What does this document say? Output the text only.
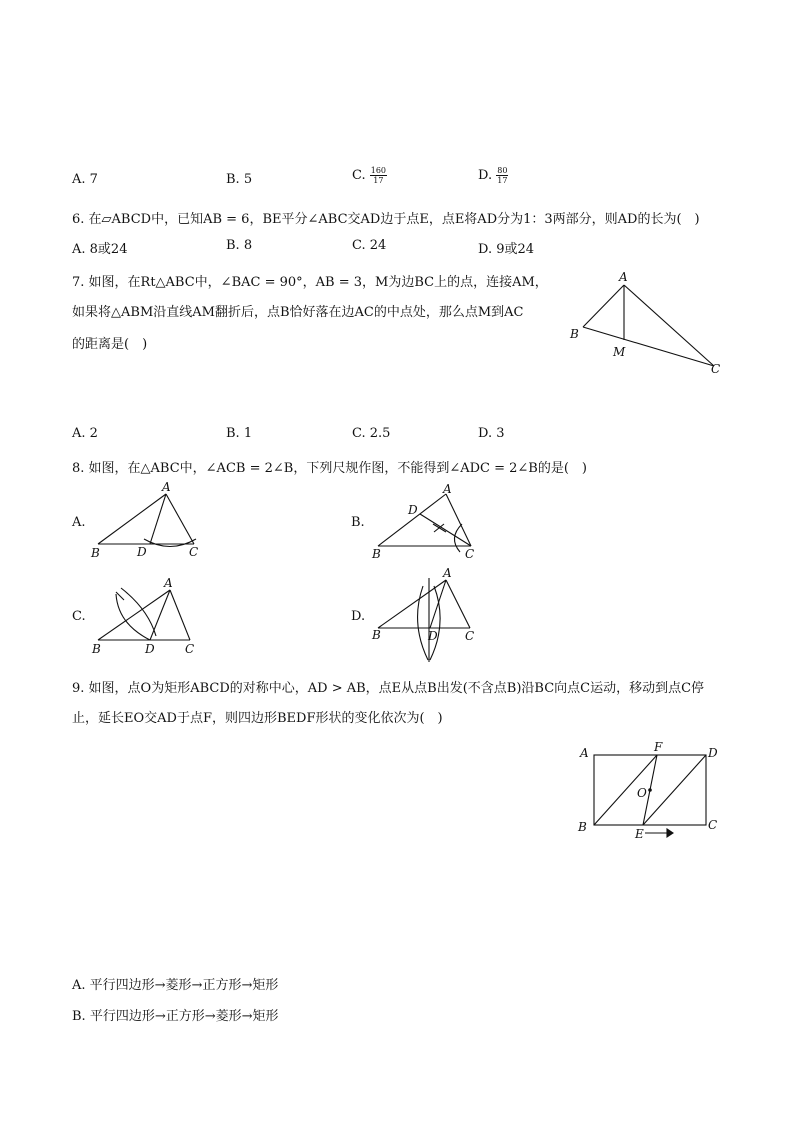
A. 7	B. 5	C. $\frac{160}{17}$	D. $\frac{80}{17}$
6. 在▱ABCD中，已知AB = 6，BE平分∠ABC交AD边于点E，点E将AD分为1：3两部分，则AD的长为(　)
A. 8或24	B. 8	C. 24	D. 9或24
7. 如图，在Rt△ABC中，∠BAC = 90°，AB = 3，M为边BC上的点，连接AM，
如果将△ABM沿直线AM翻折后，点B恰好落在边AC的中点处，那么点M到AC
的距离是(　)
A
B
M
C
A. 2	B. 1	C. 2.5	D. 3
8. 如图，在△ABC中，∠ACB = 2∠B，下列尺规作图，不能得到∠ADC = 2∠B的是(　)
A.
A
B	D	C
B.
A
D
B	C
C.
A
B	D	C
D.
A
B	D C
9. 如图，点O为矩形ABCD的对称中心，AD > AB，点E从点B出发(不含点B)沿BC向点C运动，移动到点C停
止，延长EO交AD于点F，则四边形BEDF形状的变化依次为(　)
A	F	D
O
B	C
E
A. 平行四边形→菱形→正方形→矩形
B. 平行四边形→正方形→菱形→矩形
